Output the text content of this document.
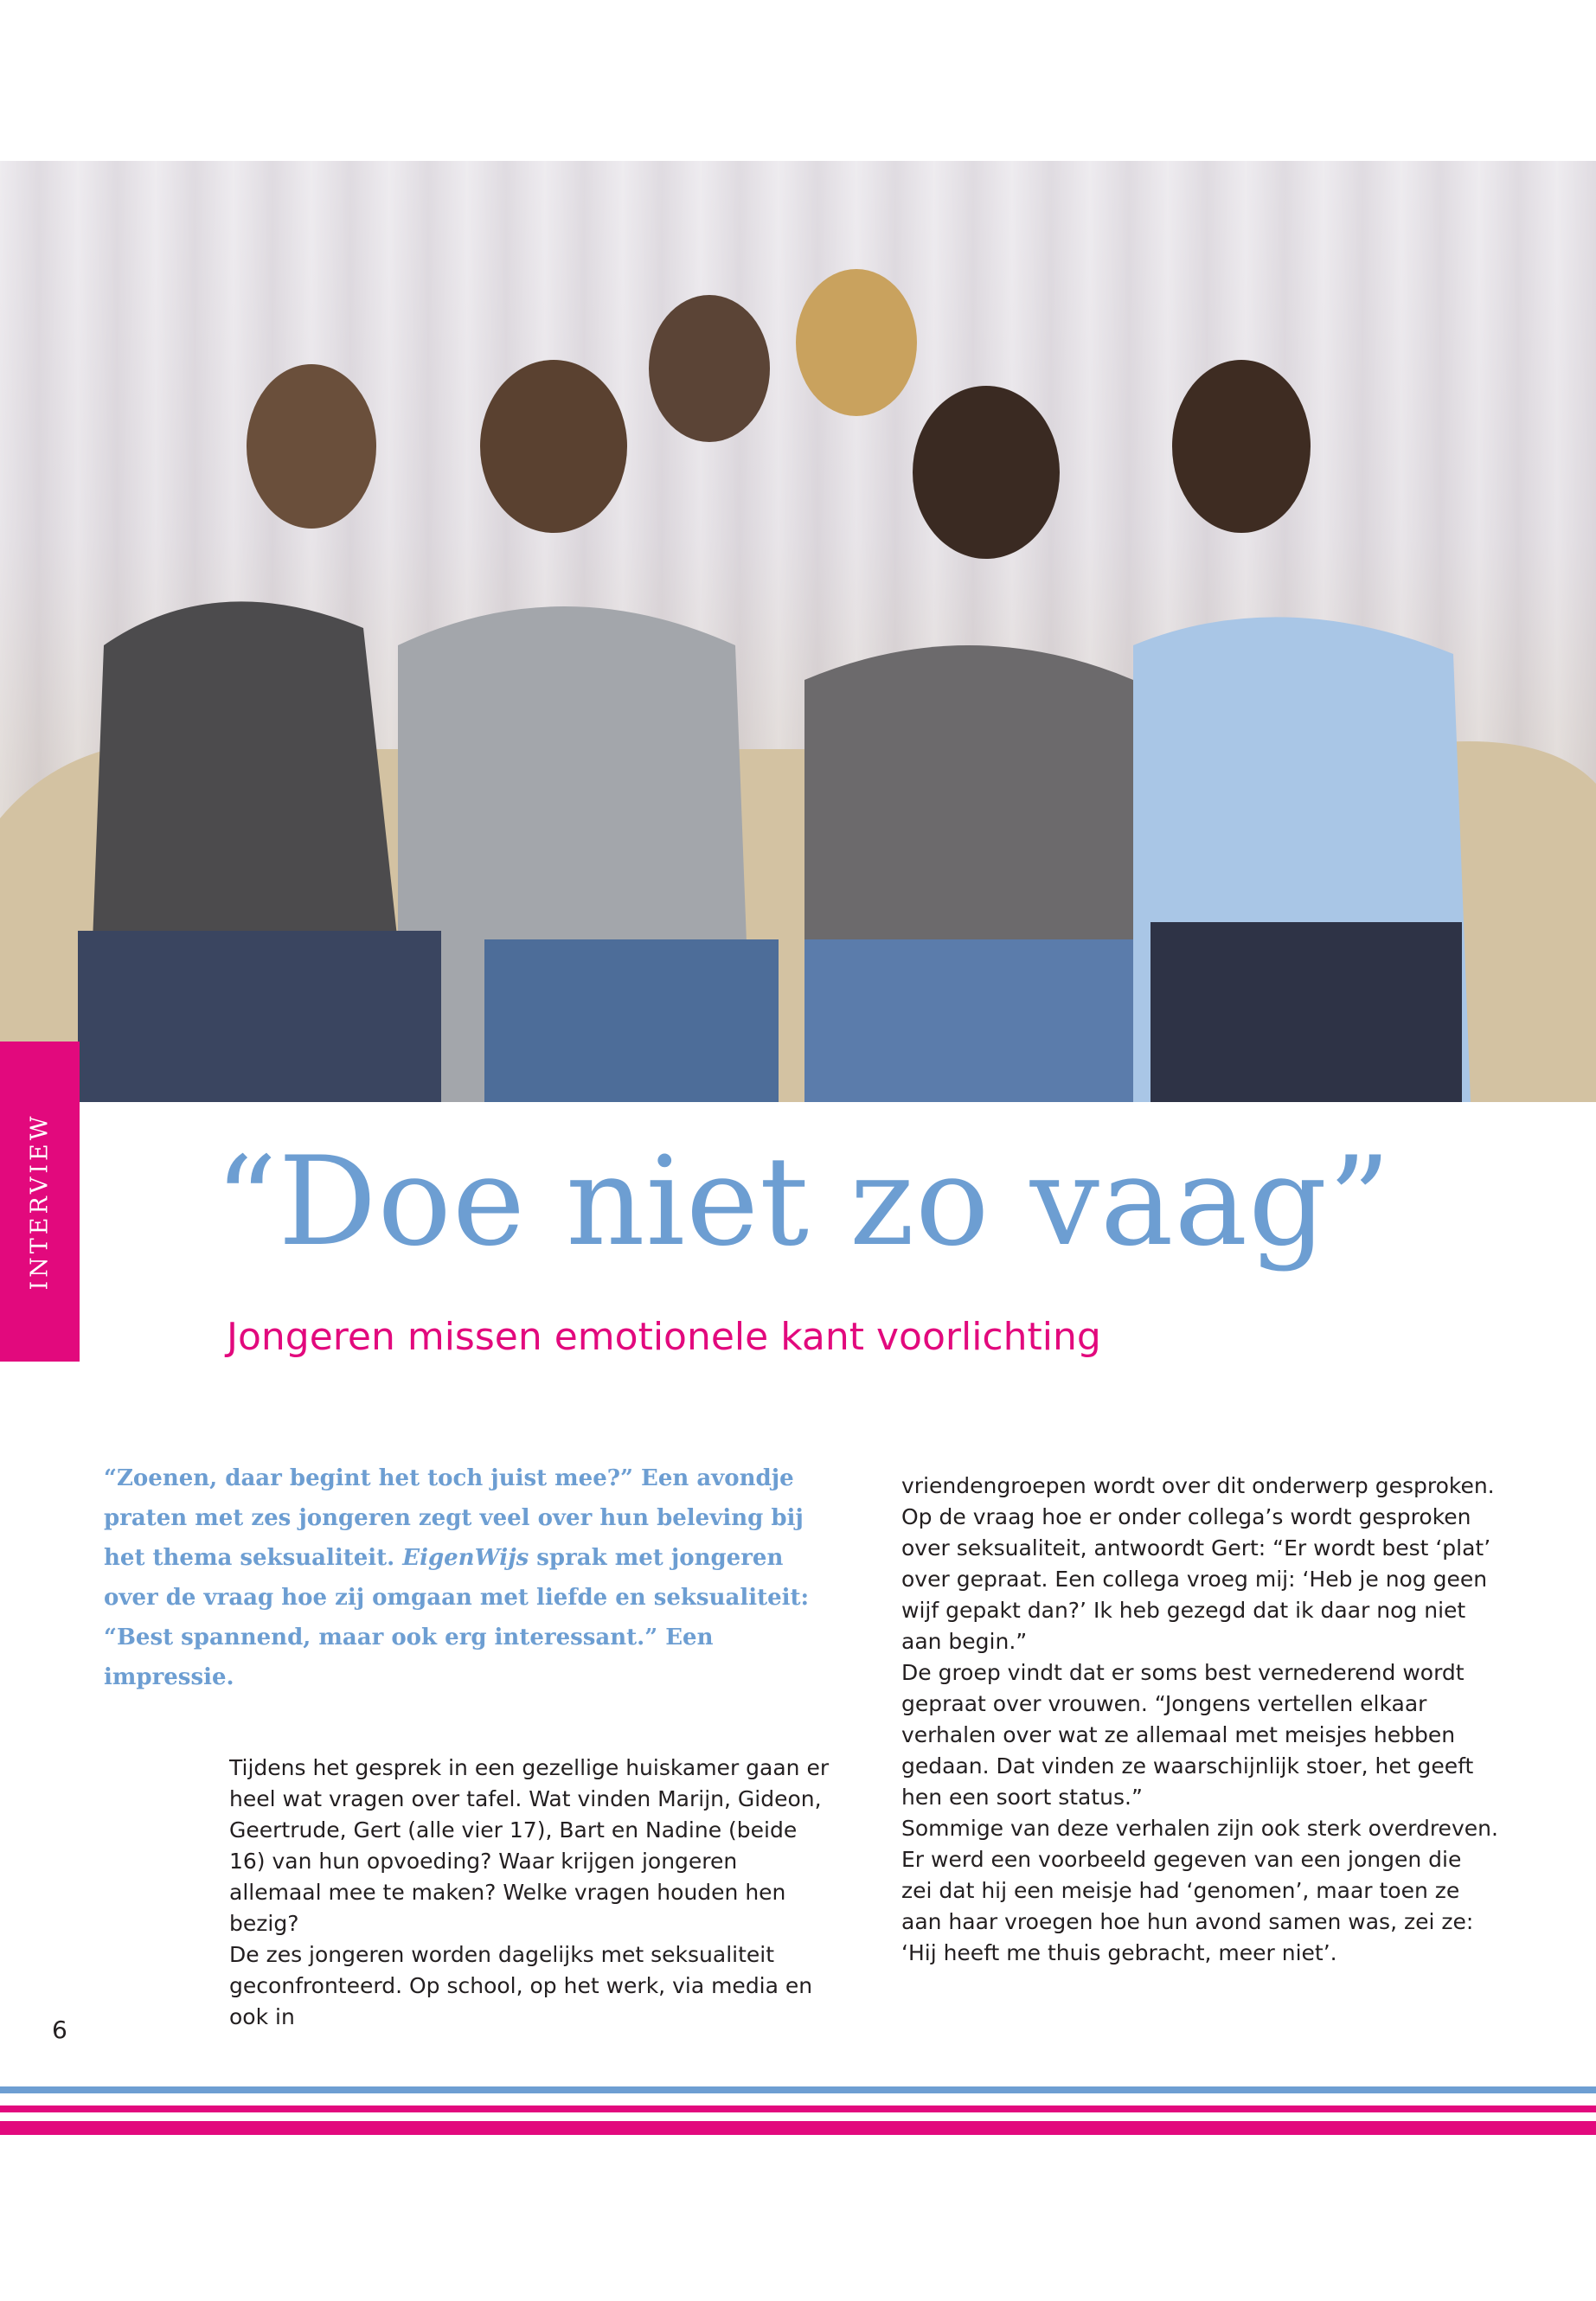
INTERVIEW “Doe niet zo vaag”
Jongeren missen emotionele kant voorlichting

“Zoenen, daar begint het toch juist mee?” Een avondje praten met zes jongeren zegt veel over hun beleving bij het thema seksualiteit. EigenWijs sprak met jongeren over de vraag hoe zij omgaan met liefde en seksualiteit: “Best spannend, maar ook erg interessant.” Een impressie.

Tijdens het gesprek in een gezellige huiskamer gaan er heel wat vragen over tafel. Wat vinden Marijn, Gideon, Geertrude, Gert (alle vier 17), Bart en Nadine (beide 16) van hun opvoeding? Waar krijgen jongeren allemaal mee te maken? Welke vragen houden hen bezig?

De zes jongeren worden dagelijks met seksualiteit geconfronteerd. Op school, op het werk, via media en ook in

vriendengroepen wordt over dit onderwerp gesproken.

Op de vraag hoe er onder collega’s wordt gesproken over seksualiteit, antwoordt Gert: “Er wordt best ‘plat’ over gepraat. Een collega vroeg mij: ‘Heb je nog geen wijf gepakt dan?’ Ik heb gezegd dat ik daar nog niet aan begin.”

De groep vindt dat er soms best vernederend wordt gepraat over vrouwen. “Jongens vertellen elkaar verhalen over wat ze allemaal met meisjes hebben gedaan. Dat vinden ze waarschijnlijk stoer, het geeft hen een soort status.”

Sommige van deze verhalen zijn ook sterk overdreven. Er werd een voorbeeld gegeven van een jongen die zei dat hij een meisje had ‘genomen’, maar toen ze aan haar vroegen hoe hun avond samen was, zei ze: ‘Hij heeft me thuis gebracht, meer niet’.

6
